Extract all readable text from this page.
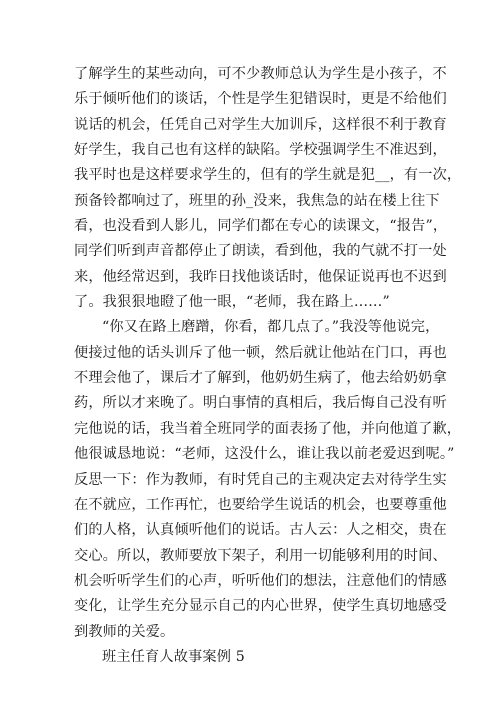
了解学生的某些动向，可不少教师总认为学生是小孩子，不
乐于倾听他们的谈话，个性是学生犯错误时，更是不给他们
说话的机会，任凭自己对学生大加训斥，这样很不利于教育
好学生，我自己也有这样的缺陷。学校强调学生不准迟到，
我平时也是这样要求学生的，但有的学生就是犯__，有一次，
预备铃都响过了，班里的孙_没来，我焦急的站在楼上往下
看，也没看到人影儿，同学们都在专心的读课文，“报告”，
同学们听到声音都停止了朗读，看到他，我的气就不打一处
来，他经常迟到，我昨日找他谈话时，他保证说再也不迟到
了。我狠狠地瞪了他一眼，“老师，我在路上……”
“你又在路上磨蹭，你看，都几点了。”我没等他说完，
便接过他的话头训斥了他一顿，然后就让他站在门口，再也
不理会他了，课后才了解到，他奶奶生病了，他去给奶奶拿
药，所以才来晚了。明白事情的真相后，我后悔自己没有听
完他说的话，我当着全班同学的面表扬了他，并向他道了歉，
他很诚恳地说：“老师，这没什么，谁让我以前老爱迟到呢。”
反思一下：作为教师，有时凭自己的主观决定去对待学生实
在不就应，工作再忙，也要给学生说话的机会，也要尊重他
们的人格，认真倾听他们的说话。古人云：人之相交，贵在
交心。所以，教师要放下架子，利用一切能够利用的时间、
机会听听学生们的心声，听听他们的想法，注意他们的情感
变化，让学生充分显示自己的内心世界，使学生真切地感受
到教师的关爱。
班主任育人故事案例 5
